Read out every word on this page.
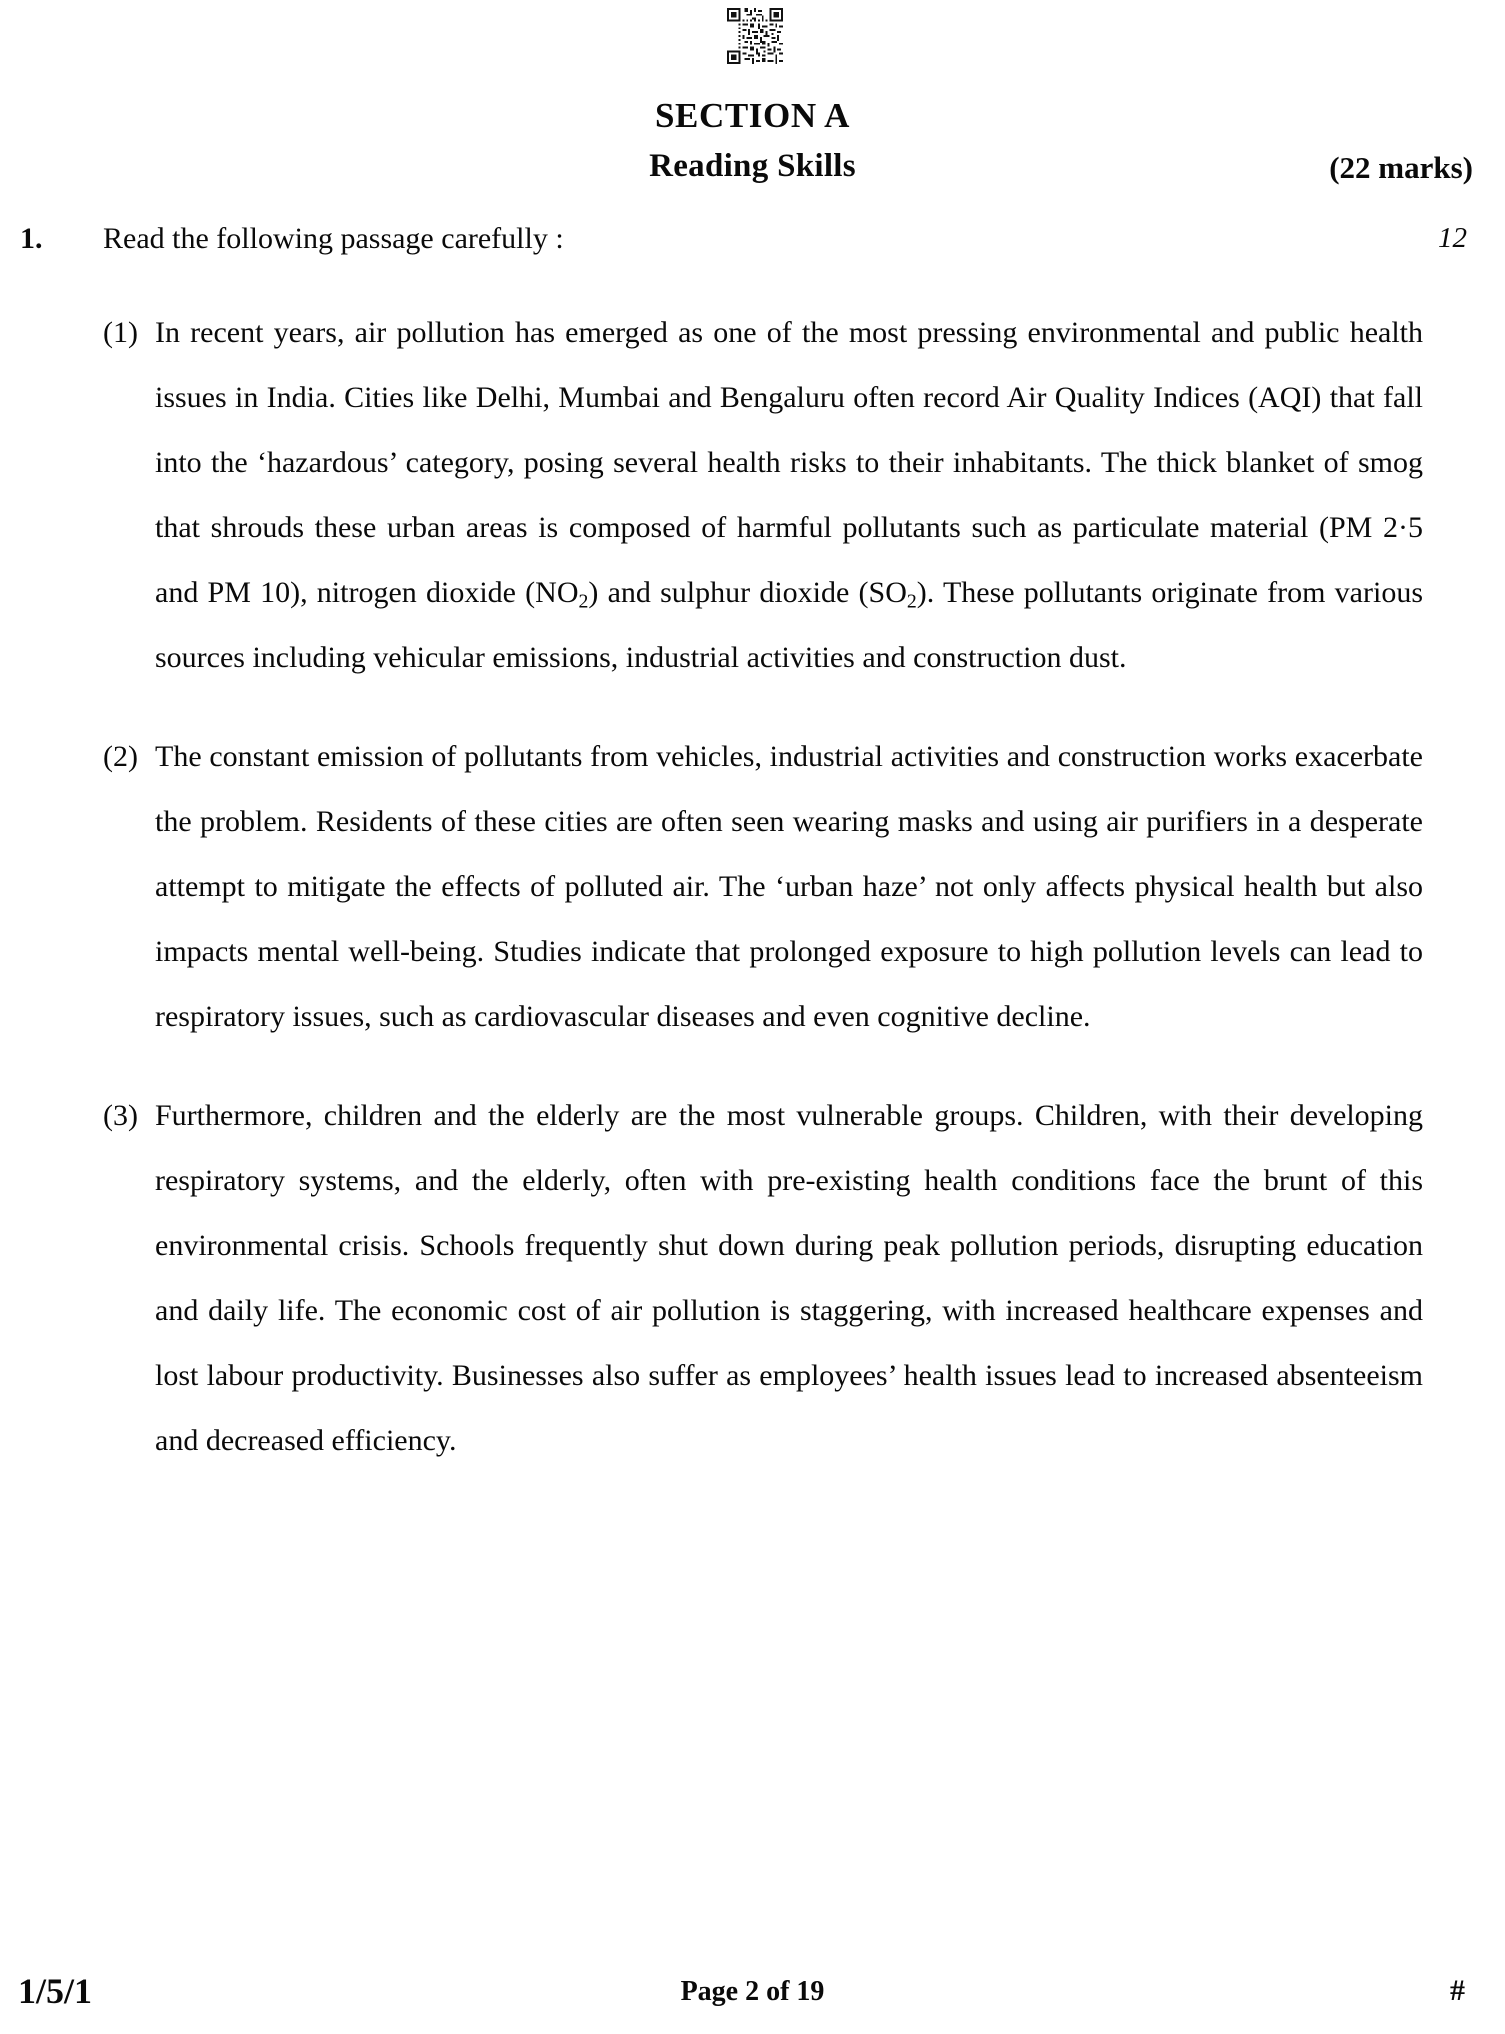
SECTION A
Reading Skills	(22 marks)
1. Read the following passage carefully :	12
(1) In recent years, air pollution has emerged as one of the most pressing environmental and public health issues in India. Cities like Delhi, Mumbai and Bengaluru often record Air Quality Indices (AQI) that fall into the ‘hazardous’ category, posing several health risks to their inhabitants. The thick blanket of smog that shrouds these urban areas is composed of harmful pollutants such as particulate material (PM 2·5 and PM 10), nitrogen dioxide $(NO_2)$ and sulphur dioxide $(SO_2)$. These pollutants originate from various sources including vehicular emissions, industrial activities and construction dust.
(2) The constant emission of pollutants from vehicles, industrial activities and construction works exacerbate the problem. Residents of these cities are often seen wearing masks and using air purifiers in a desperate attempt to mitigate the effects of polluted air. The ‘urban haze’ not only affects physical health but also impacts mental well-being. Studies indicate that prolonged exposure to high pollution levels can lead to respiratory issues, such as cardiovascular diseases and even cognitive decline.
(3) Furthermore, children and the elderly are the most vulnerable groups. Children, with their developing respiratory systems, and the elderly, often with pre-existing health conditions face the brunt of this environmental crisis. Schools frequently shut down during peak pollution periods, disrupting education and daily life. The economic cost of air pollution is staggering, with increased healthcare expenses and lost labour productivity. Businesses also suffer as employees’ health issues lead to increased absenteeism and decreased efficiency.
1/5/1	Page 2 of 19	#
